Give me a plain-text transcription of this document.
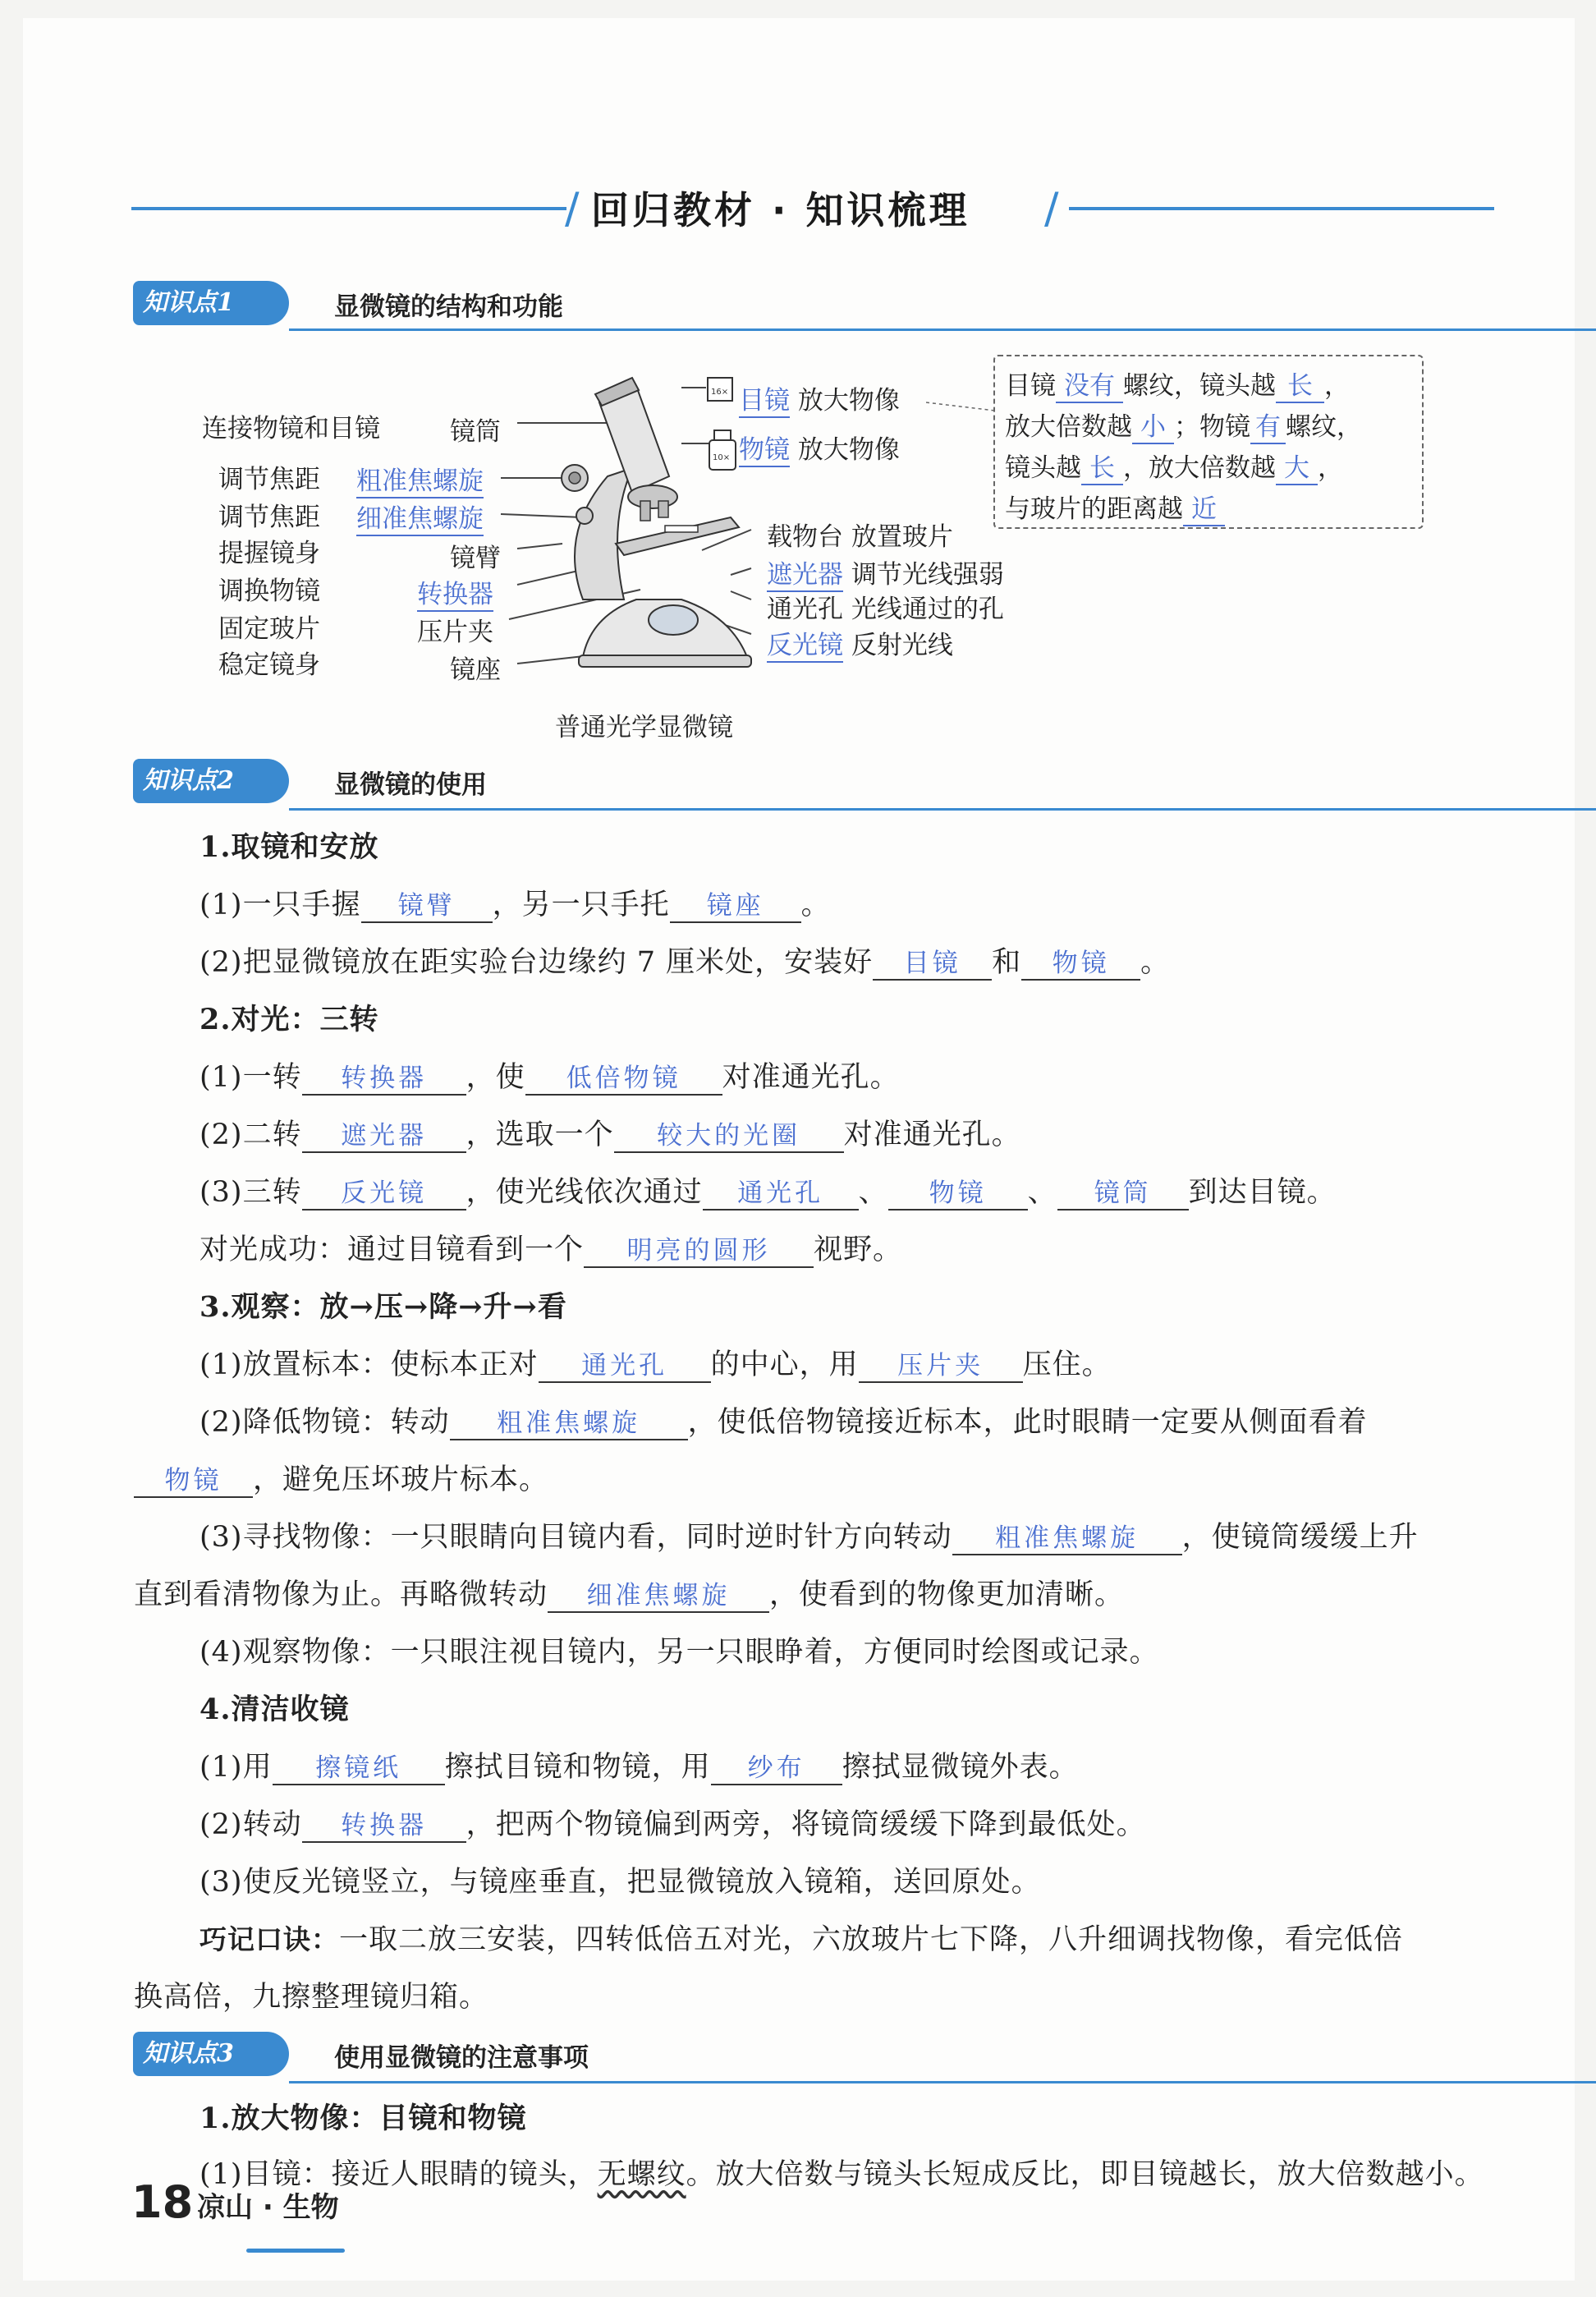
/ 回归教材 · 知识梳理 /
知识点1	显微镜的结构和功能
连接物镜和目镜	镜筒
调节焦距 粗准焦螺旋
调节焦距 细准焦螺旋
提握镜身	镜臂
调换物镜	转换器
固定玻片	压片夹
稳定镜身	镜座
16×
10×
目镜 放大物像
物镜 放大物像
载物台 放置玻片
遮光器 调节光线强弱
通光孔 光线通过的孔
反光镜 反射光线
普通光学显微镜
目镜 没有 螺纹，镜头越 长 ，
放大倍数越 小 ；物镜 有 螺纹，
镜头越 长 ，放大倍数越 大 ，
与玻片的距离越 近
知识点2	显微镜的使用
1.取镜和安放
(1)一只手握 镜臂 ，另一只手托 镜座 。
(2)把显微镜放在距实验台边缘约 7 厘米处，安装好 目镜 和 物镜 。
2.对光：三转
(1)一转 转换器 ，使 低倍物镜 对准通光孔。
(2)二转 遮光器 ，选取一个 较大的光圈 对准通光孔。
(3)三转 反光镜 ，使光线依次通过 通光孔 、 物镜 、 镜筒 到达目镜。
对光成功：通过目镜看到一个 明亮的圆形 视野。
3.观察：放→压→降→升→看
(1)放置标本：使标本正对 通光孔 的中心，用 压片夹 压住。
(2)降低物镜：转动 粗准焦螺旋 ，使低倍物镜接近标本，此时眼睛一定要从侧面看着
物镜 ，避免压坏玻片标本。
(3)寻找物像：一只眼睛向目镜内看，同时逆时针方向转动 粗准焦螺旋 ，使镜筒缓缓上升
直到看清物像为止。再略微转动 细准焦螺旋 ，使看到的物像更加清晰。
(4)观察物像：一只眼注视目镜内，另一只眼睁着，方便同时绘图或记录。
4.清洁收镜
(1)用 擦镜纸 擦拭目镜和物镜，用 纱布 擦拭显微镜外表。
(2)转动 转换器 ，把两个物镜偏到两旁，将镜筒缓缓下降到最低处。
(3)使反光镜竖立，与镜座垂直，把显微镜放入镜箱，送回原处。
巧记口诀：一取二放三安装，四转低倍五对光，六放玻片七下降，八升细调找物像，看完低倍
换高倍，九擦整理镜归箱。
知识点3	使用显微镜的注意事项
1.放大物像：目镜和物镜
(1)目镜：接近人眼睛的镜头，无螺纹。放大倍数与镜头长短成反比，即目镜越长，放大倍数越小。
18 凉山 · 生物
